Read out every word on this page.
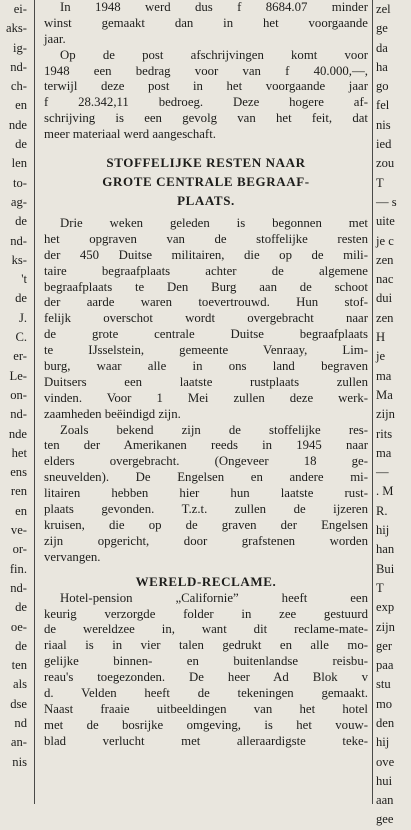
ei-
aks-
ig-
nd-
ch-
en
nde
de
len
to-
ag-
de
nd-
ks-
't
de
J.
C.
er-
Le-
on-
nd-
nde
het
ens
ren
en
ve-
or-
fin.
nd-
de
oe-
de
ten
als
dse
nd
an-
nis
In 1948 werd dus f 8684.07 minder
winst gemaakt dan in het voorgaande
jaar.
Op de post afschrijvingen komt voor
1948 een bedrag voor van f 40.000,—,
terwijl deze post in het voorgaande jaar
f 28.342,11 bedroeg. Deze hogere af-
schrijving is een gevolg van het feit, dat
meer materiaal werd aangeschaft.
STOFFELIJKE RESTEN NAAR
GROTE CENTRALE BEGRAAF-
PLAATS.
Drie weken geleden is begonnen met
het opgraven van de stoffelijke resten
der 450 Duitse militairen, die op de mili-
taire begraafplaats achter de algemene
begraafplaats te Den Burg aan de schoot
der aarde waren toevertrouwd. Hun stof-
felijk overschot wordt overgebracht naar
de grote centrale Duitse begraafplaats
te IJsselstein, gemeente Venraay, Lim-
burg, waar alle in ons land begraven
Duitsers een laatste rustplaats zullen
vinden. Voor 1 Mei zullen deze werk-
zaamheden beëindigd zijn.
Zoals bekend zijn de stoffelijke res-
ten der Amerikanen reeds in 1945 naar
elders overgebracht. (Ongeveer 18 ge-
sneuvelden). De Engelsen en andere mi-
litairen hebben hier hun laatste rust-
plaats gevonden. T.z.t. zullen de ijzeren
kruisen, die op de graven der Engelsen
zijn opgericht, door grafstenen worden
vervangen.
WERELD-RECLAME.
Hotel-pension „Californie” heeft een
keurig verzorgde folder in zee gestuurd
de wereldzee in, want dit reclame-mate-
riaal is in vier talen gedrukt en alle mo-
gelijke binnen- en buitenlandse reisbu-
reau's toegezonden. De heer Ad Blok v
d. Velden heeft de tekeningen gemaakt.
Naast fraaie uitbeeldingen van het hotel
met de bosrijke omgeving, is het vouw-
blad verlucht met alleraardigste teke-
zel
ge
da
ha
go
fel
nis
ied
zou
T
— s
uite
je c
zen
nac
dui
zen
H
je
ma
Ma
zijn
rits
ma
—
. M
R.
hij
han
Bui
T
exp
zijn
ger
paa
stu
mo
den
hij
ove
hui
aan
gee
